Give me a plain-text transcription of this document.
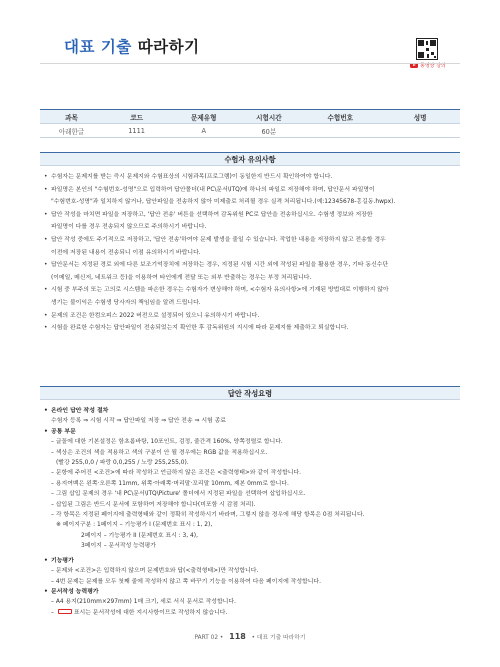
대표 기출 따라하기
동영상 강의
과목	코드	문제유형	시험시간	수험번호	성명
아래한글	1111	A	60분		
수험자 유의사항
• 수험자는 문제지를 받는 즉시 문제지와 수험표상의 시험과목(프로그램)이 동일한지 반드시 확인하여야 합니다.
• 파일명은 본인의 "수험번호-성명"으로 입력하여 답안폴더(내 PC\문서\ITQ)에 하나의 파일로 저장해야 하며, 답안문서 파일명이
"수험번호-성명"과 일치하지 않거나, 답안파일을 전송하지 않아 미제출로 처리될 경우 실격 처리됩니다.(예:12345678-홍길동.hwpx).
• 답안 작성을 마치면 파일을 저장하고, '답안 전송' 버튼을 선택하여 감독위원 PC로 답안을 전송하십시오. 수험생 정보와 저장한
파일명이 다를 경우 전송되지 않으므로 주의하시기 바랍니다.
• 답안 작성 중에도 주기적으로 저장하고, '답안 전송'하여야 문제 발생을 줄일 수 있습니다. 작업한 내용을 저장하지 않고 전송할 경우
이전에 저장된 내용이 전송되니 이점 유의하시기 바랍니다.
• 답안문서는 지정된 경로 외에 다른 보조기억장치에 저장하는 경우, 지정된 시험 시간 외에 작성된 파일을 활용한 경우, 기타 동신수단
(이메일, 메신저, 네트워크 등)을 이용하여 타인에게 전달 또는 외부 반출하는 경우는 부정 처리됩니다.
• 시험 중 부주의 또는 고의로 시스템을 파손한 경우는 수험자가 변상해야 하며, <수험자 유의사항>에 기재된 방법대로 이행하지 않아
생기는 불이익은 수험생 당사자의 책임임을 알려 드립니다.
• 문제의 조건은 한컴오피스 2022 버전으로 설정되어 있으니 유의하시기 바랍니다.
• 시험을 완료한 수험자는 답안파일이 전송되었는지 확인한 후 감독위원의 지시에 따라 문제지를 제출하고 퇴실합니다.
답안 작성요령
• 온라인 답안 작성 절차
수험자 등록 ⇒ 시험 시작 ⇒ 답안파일 저장 ⇒ 답안 전송 ⇒ 시험 종료
• 공통 부문
– 글꼴에 대한 기본설정은 함초롬바탕, 10포인트, 검정, 줄간격 160%, 양쪽정렬로 합니다.
– 색상은 조건의 색을 적용하고 색의 구분이 안 될 경우에는 RGB 값을 적용하십시오.
(빨강 255,0,0 / 파랑 0,0,255 / 노랑 255,255,0).
– 문항에 주어진 <조건>에 따라 작성하고 언급하지 않은 조건은 <출력형태>와 같이 작성합니다.
– 용지여백은 왼쪽·오른쪽 11mm, 위쪽·아래쪽·머리말·꼬리말 10mm, 제본 0mm로 합니다.
– 그림 삽입 문제의 경우 '내 PC\문서\ITQ\Picture' 폴더에서 지정된 파일을 선택하여 삽입하십시오.
– 삽입된 그림은 반드시 문서에 포함하여 저장해야 합니다(미포함 시 감점 처리).
– 각 항목은 지정된 페이지에 출력형태와 같이 정확히 작성하시기 바라며, 그렇지 않을 경우에 해당 항목은 0점 처리됩니다.
※ 페이지구분 : 1페이지 – 기능평가 I (문제번호 표시 : 1, 2),
2페이지 – 기능평가 II (문제번호 표시 : 3, 4),
3페이지 – 문서작성 능력평가
• 기능평가
– 문제와 <조건>은 입력하지 않으며 문제번호와 답(<출력형태>)만 작성합니다.
– 4번 문제는 문제를 모두 첫째 줄에 작성하지 않고 쪽 바꾸기 기능을 이용하여 다음 페이지에 작성합니다.
• 문서작성 능력평가
– A4 용지(210mm×297mm) 1매 크기, 세로 서식 문서로 작성합니다.
–	표시는 문서작성에 대한 지시사항이므로 작성하지 않습니다.
PART 02 • 118 • 대표 기출 따라하기
